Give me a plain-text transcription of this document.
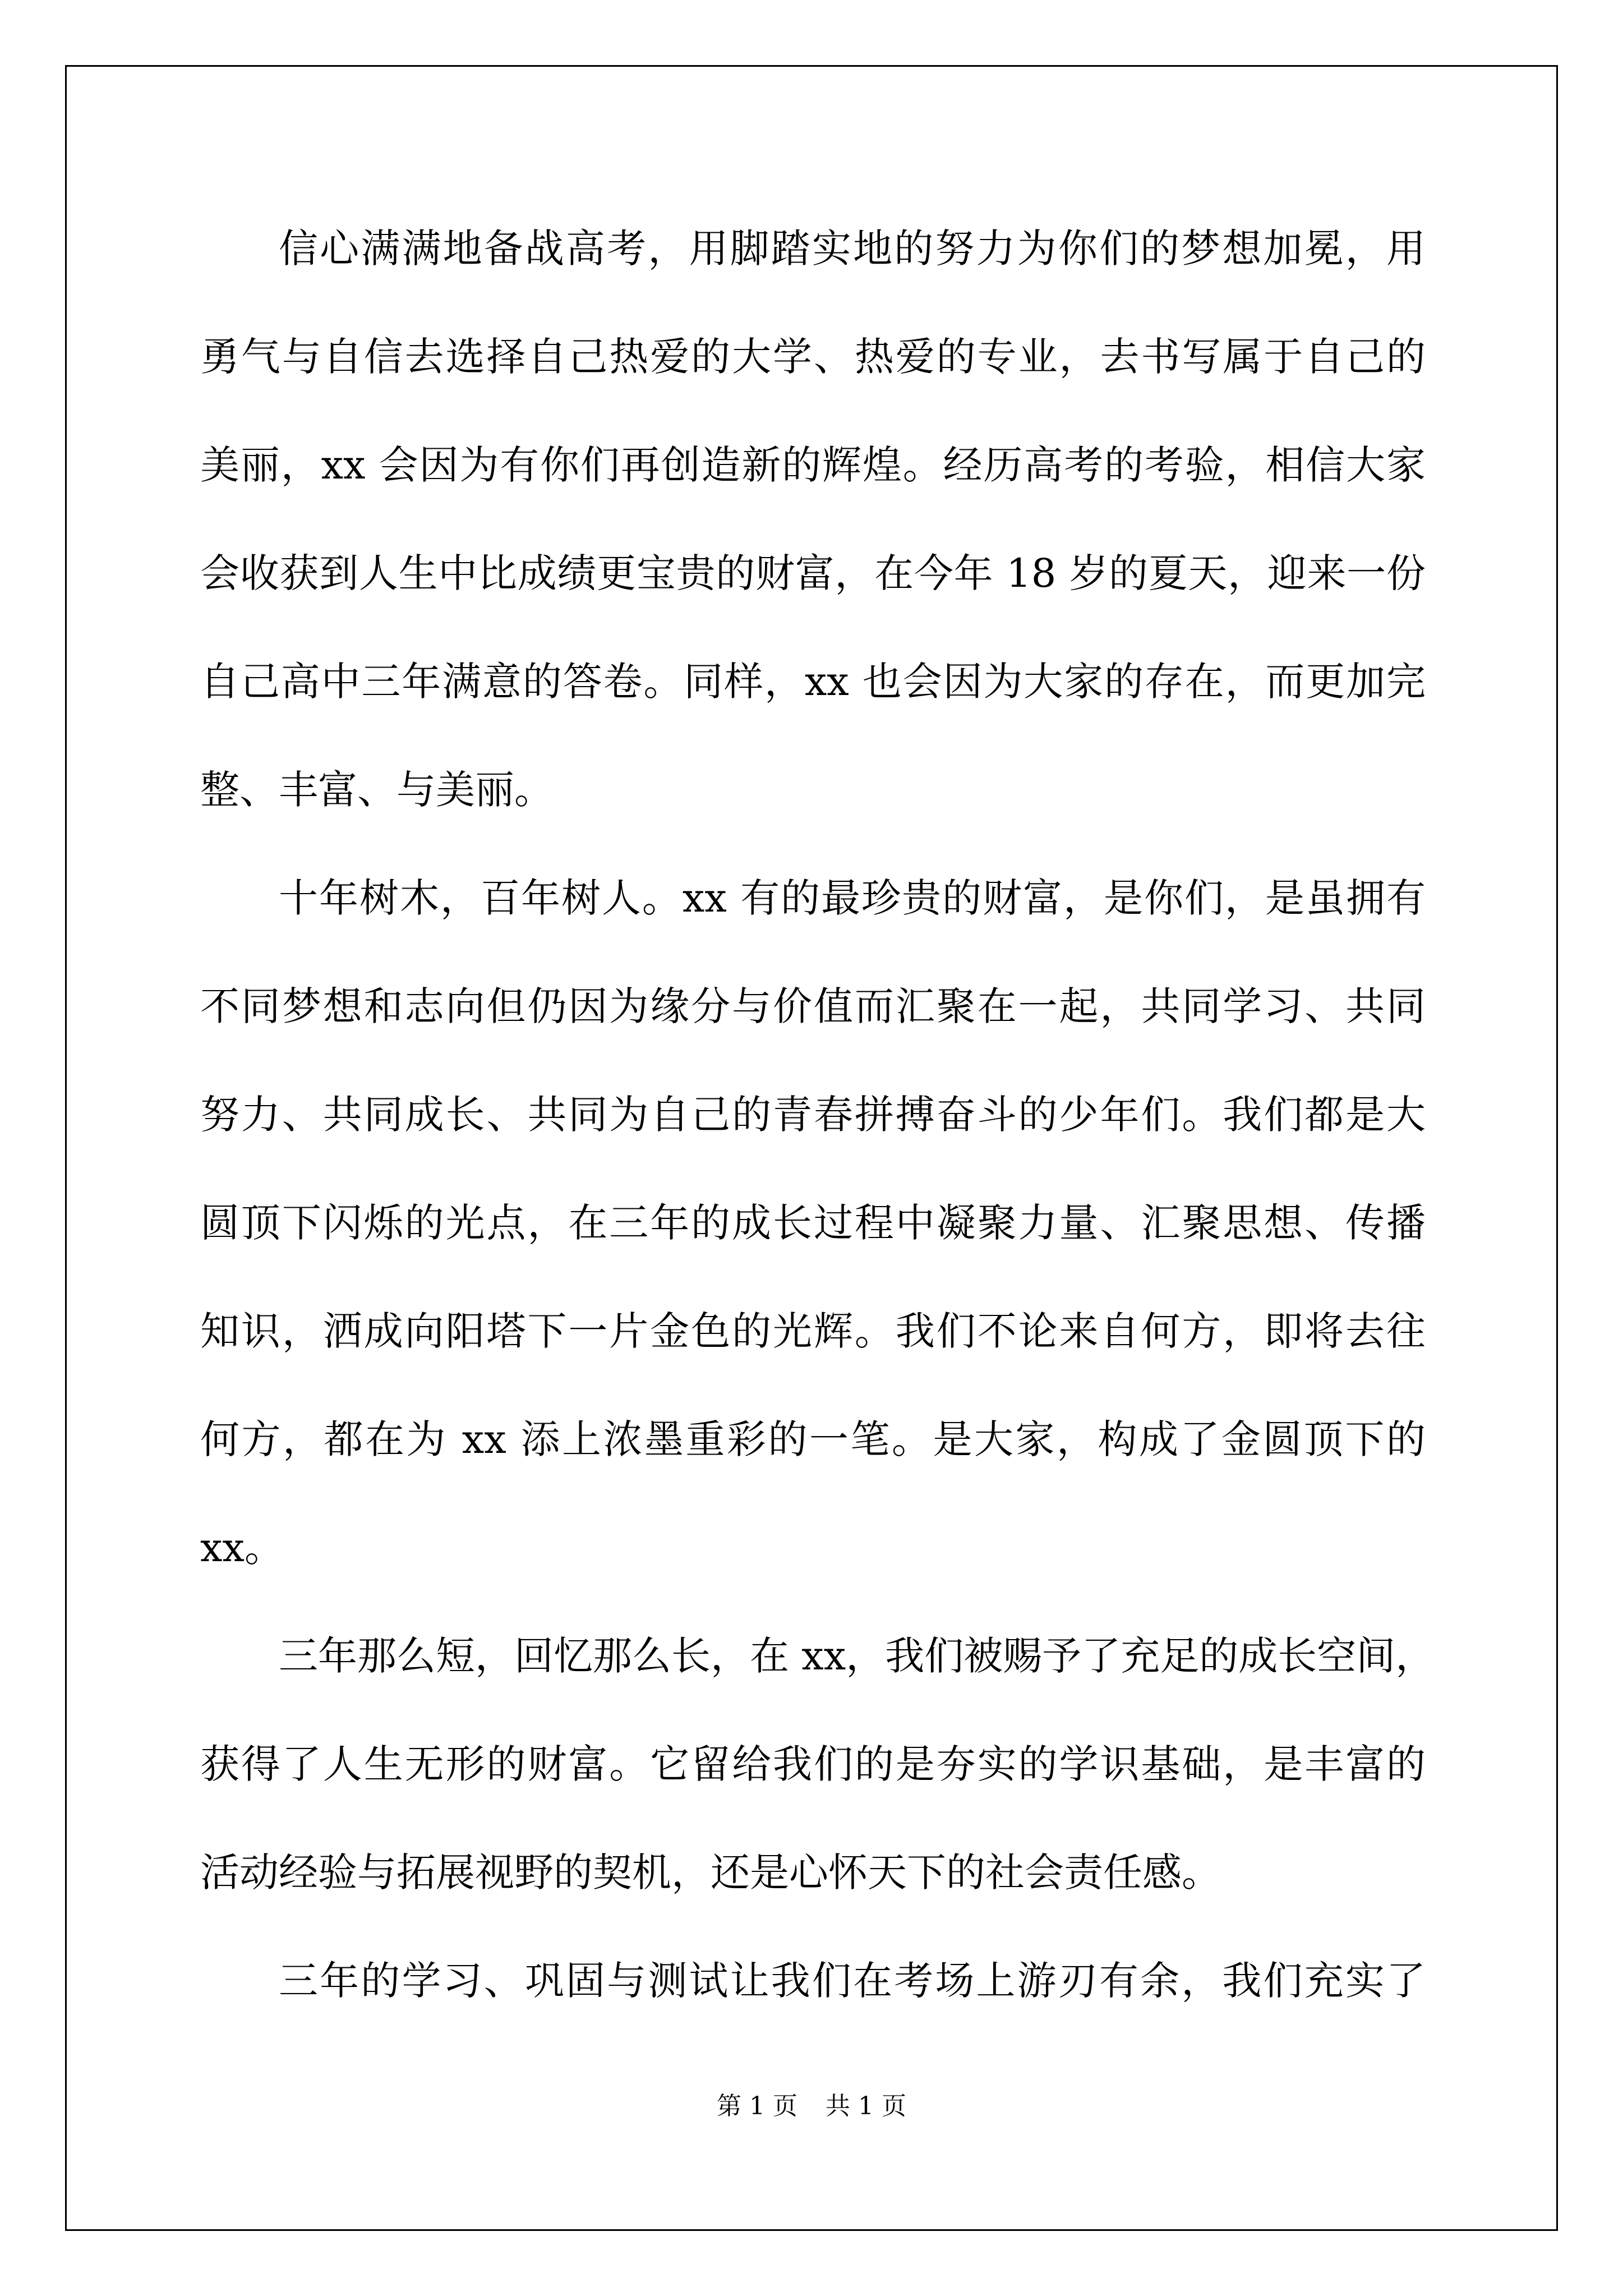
信心满满地备战高考，用脚踏实地的努力为你们的梦想加冕，用
勇气与自信去选择自己热爱的大学、热爱的专业，去书写属于自己的
美丽，xx 会因为有你们再创造新的辉煌。经历高考的考验，相信大家
会收获到人生中比成绩更宝贵的财富，在今年 18 岁的夏天，迎来一份
自己高中三年满意的答卷。同样，xx 也会因为大家的存在，而更加完
整、丰富、与美丽。
十年树木，百年树人。xx 有的最珍贵的财富，是你们，是虽拥有
不同梦想和志向但仍因为缘分与价值而汇聚在一起，共同学习、共同
努力、共同成长、共同为自己的青春拼搏奋斗的少年们。我们都是大
圆顶下闪烁的光点，在三年的成长过程中凝聚力量、汇聚思想、传播
知识，洒成向阳塔下一片金色的光辉。我们不论来自何方，即将去往
何方，都在为 xx 添上浓墨重彩的一笔。是大家，构成了金圆顶下的
xx。
三年那么短，回忆那么长，在 xx，我们被赐予了充足的成长空间，
获得了人生无形的财富。它留给我们的是夯实的学识基础，是丰富的
活动经验与拓展视野的契机，还是心怀天下的社会责任感。
三年的学习、巩固与测试让我们在考场上游刃有余，我们充实了
第 1 页 共 1 页
